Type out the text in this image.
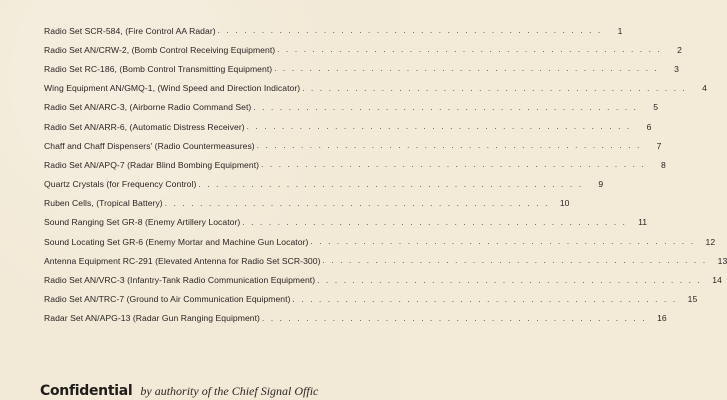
Radio Set SCR-584, (Fire Control AA Radar) . . . . . . . . . . . . . . . . . . . . . . . . . . . . . . . . . . . . . . . . . . . .	1
Radio Set AN/CRW-2, (Bomb Control Receiving Equipment) . . . . . . . . . . . . . . . . . . . . . . . . . . . . . . . . . . . . . . . . . . . .	2
Radio Set RC-186, (Bomb Control Transmitting Equipment) . . . . . . . . . . . . . . . . . . . . . . . . . . . . . . . . . . . . . . . . . . . .	3
Wing Equipment AN/GMQ-1, (Wind Speed and Direction Indicator) . . . . . . . . . . . . . . . . . . . . . . . . . . . . . . . . . . . . . . . . . . . .	4
Radio Set AN/ARC-3, (Airborne Radio Command Set) . . . . . . . . . . . . . . . . . . . . . . . . . . . . . . . . . . . . . . . . . . . .	5
Radio Set AN/ARR-6, (Automatic Distress Receiver) . . . . . . . . . . . . . . . . . . . . . . . . . . . . . . . . . . . . . . . . . . . .	6
Chaff and Chaff Dispensers' (Radio Countermeasures) . . . . . . . . . . . . . . . . . . . . . . . . . . . . . . . . . . . . . . . . . . . .	7
Radio Set AN/APQ-7 (Radar Blind Bombing Equipment) . . . . . . . . . . . . . . . . . . . . . . . . . . . . . . . . . . . . . . . . . . . .	8
Quartz Crystals (for Frequency Control) . . . . . . . . . . . . . . . . . . . . . . . . . . . . . . . . . . . . . . . . . . . .	9
Ruben Cells, (Tropical Battery) . . . . . . . . . . . . . . . . . . . . . . . . . . . . . . . . . . . . . . . . . . . .	10
Sound Ranging Set GR-8 (Enemy Artillery Locator) . . . . . . . . . . . . . . . . . . . . . . . . . . . . . . . . . . . . . . . . . . . .	11
Sound Locating Set GR-6 (Enemy Mortar and Machine Gun Locator) . . . . . . . . . . . . . . . . . . . . . . . . . . . . . . . . . . . . . . . . . . . .	12
Antenna Equipment RC-291 (Elevated Antenna for Radio Set SCR-300) . . . . . . . . . . . . . . . . . . . . . . . . . . . . . . . . . . . . . . . . . . . .	13
Radio Set AN/VRC-3 (Infantry-Tank Radio Communication Equipment) . . . . . . . . . . . . . . . . . . . . . . . . . . . . . . . . . . . . . . . . . . . .	14
Radio Set AN/TRC-7 (Ground to Air Communication Equipment) . . . . . . . . . . . . . . . . . . . . . . . . . . . . . . . . . . . . . . . . . . . .	15
Radar Set AN/APG-13 (Radar Gun Ranging Equipment) . . . . . . . . . . . . . . . . . . . . . . . . . . . . . . . . . . . . . . . . . . . .	16
Confidential by authority of the Chief Signal Offic
